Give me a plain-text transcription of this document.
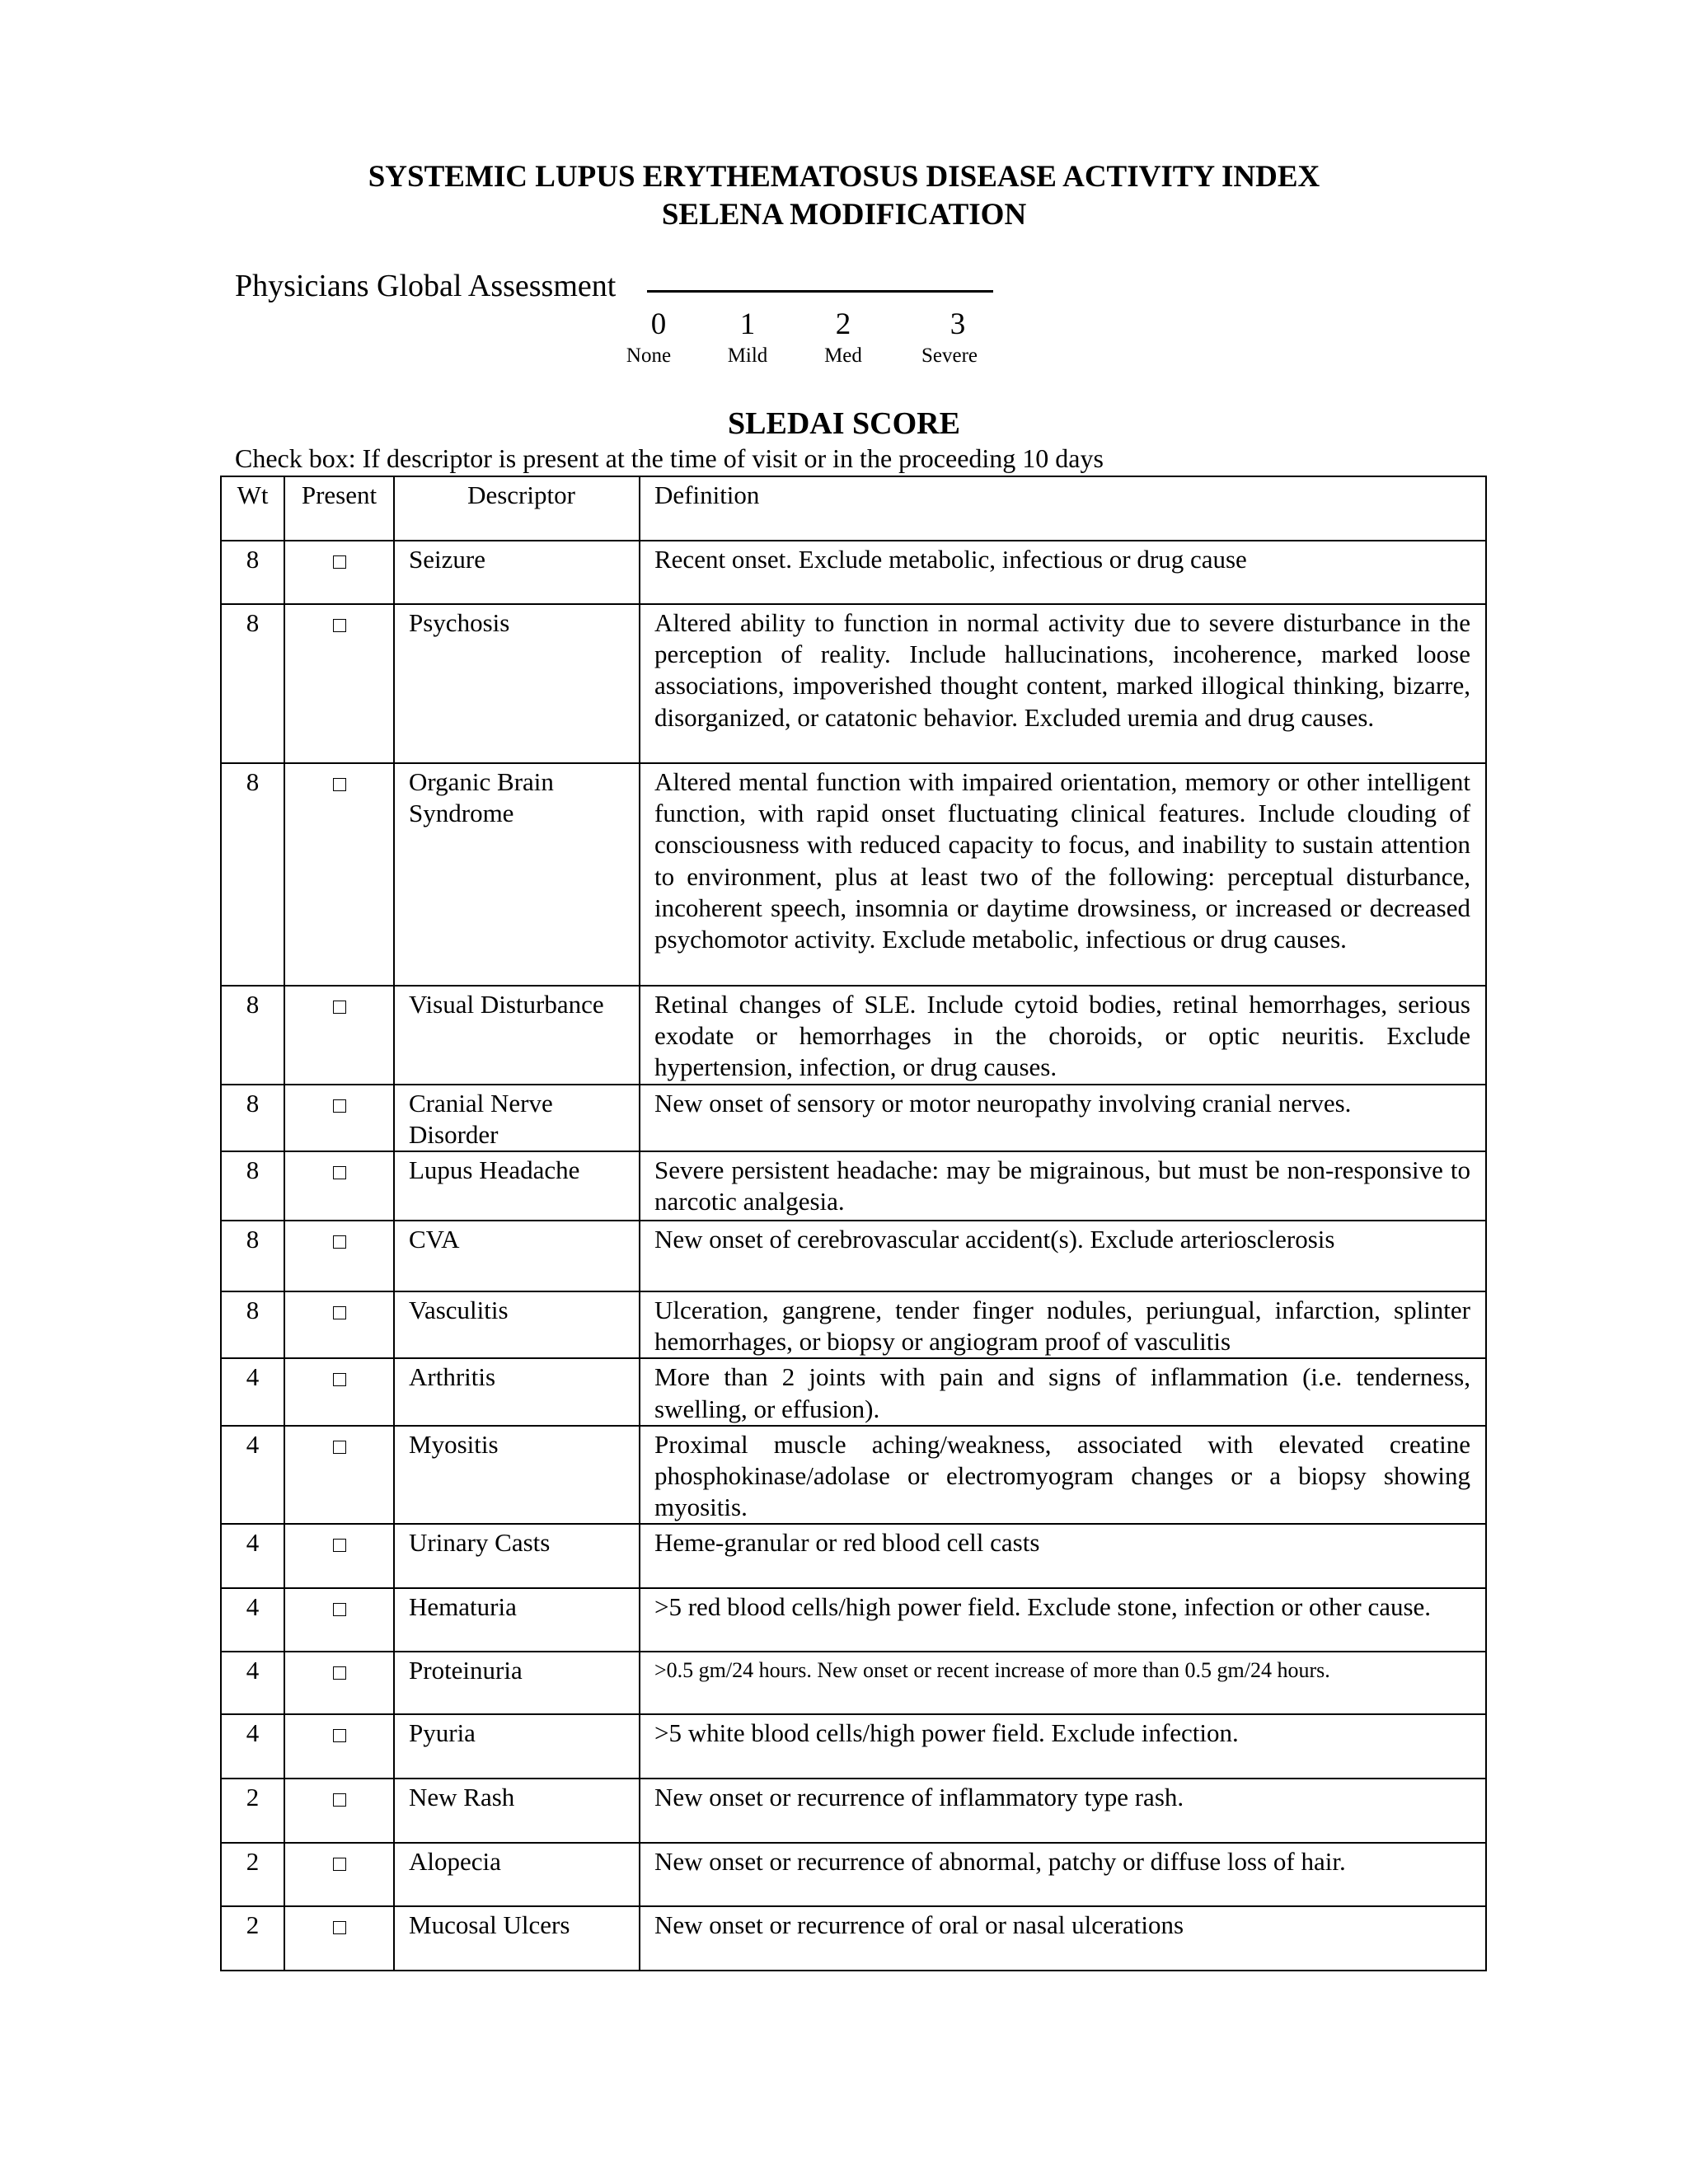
SYSTEMIC LUPUS ERYTHEMATOSUS DISEASE ACTIVITY INDEX
SELENA MODIFICATION
Physicians Global Assessment
0	1	2	3
None	Mild	Med	Severe
SLEDAI SCORE
Check box: If descriptor is present at the time of visit or in the proceeding 10 days
Wt	Present	Descriptor	Definition
8		Seizure	Recent onset. Exclude metabolic, infectious or drug cause
8		Psychosis	Altered ability to function in normal activity due to severe disturbance in the perception of reality. Include hallucinations, incoherence, marked loose associations, impoverished thought content, marked illogical thinking, bizarre, disorganized, or catatonic behavior. Excluded uremia and drug causes.
8		Organic Brain Syndrome	Altered mental function with impaired orientation, memory or other intelligent function, with rapid onset fluctuating clinical features. Include clouding of consciousness with reduced capacity to focus, and inability to sustain attention to environment, plus at least two of the following: perceptual disturbance, incoherent speech, insomnia or daytime drowsiness, or increased or decreased psychomotor activity. Exclude metabolic, infectious or drug causes.
8		Visual Disturbance	Retinal changes of SLE. Include cytoid bodies, retinal hemorrhages, serious exodate or hemorrhages in the choroids, or optic neuritis. Exclude hypertension, infection, or drug causes.
8		Cranial Nerve Disorder	New onset of sensory or motor neuropathy involving cranial nerves.
8		Lupus Headache	Severe persistent headache: may be migrainous, but must be non-responsive to narcotic analgesia.
8		CVA	New onset of cerebrovascular accident(s). Exclude arteriosclerosis
8		Vasculitis	Ulceration, gangrene, tender finger nodules, periungual, infarction, splinter hemorrhages, or biopsy or angiogram proof of vasculitis
4		Arthritis	More than 2 joints with pain and signs of inflammation (i.e. tenderness, swelling, or effusion).
4		Myositis	Proximal muscle aching/weakness, associated with elevated creatine phosphokinase/adolase or electromyogram changes or a biopsy showing myositis.
4		Urinary Casts	Heme-granular or red blood cell casts
4		Hematuria	>5 red blood cells/high power field. Exclude stone, infection or other cause.
4		Proteinuria	>0.5 gm/24 hours. New onset or recent increase of more than 0.5 gm/24 hours.
4		Pyuria	>5 white blood cells/high power field. Exclude infection.
2		New Rash	New onset or recurrence of inflammatory type rash.
2		Alopecia	New onset or recurrence of abnormal, patchy or diffuse loss of hair.
2		Mucosal Ulcers	New onset or recurrence of oral or nasal ulcerations
